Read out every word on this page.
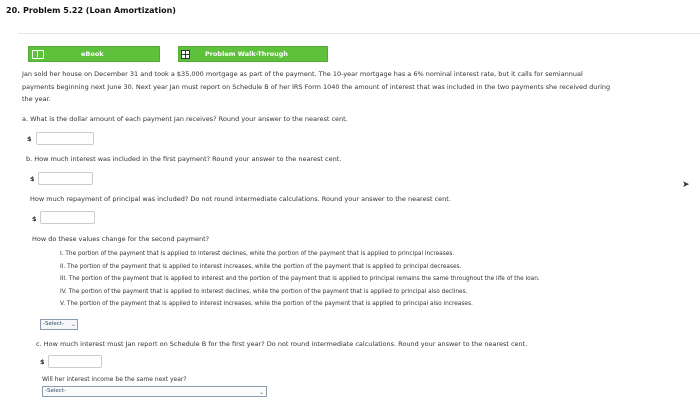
20. Problem 5.22 (Loan Amortization)
eBook	Problem Walk-Through
Jan sold her house on December 31 and took a $35,000 mortgage as part of the payment. The 10-year mortgage has a 6% nominal interest rate, but it calls for semiannual
payments beginning next June 30. Next year Jan must report on Schedule B of her IRS Form 1040 the amount of interest that was included in the two payments she received during
the year.
a. What is the dollar amount of each payment Jan receives? Round your answer to the nearest cent.
$
b. How much interest was included in the first payment? Round your answer to the nearest cent.
$
How much repayment of principal was included? Do not round intermediate calculations. Round your answer to the nearest cent.
$
How do these values change for the second payment?
I. The portion of the payment that is applied to interest declines, while the portion of the payment that is applied to principal increases.
II. The portion of the payment that is applied to interest increases, while the portion of the payment that is applied to principal decreases.
III. The portion of the payment that is applied to interest and the portion of the payment that is applied to principal remains the same throughout the life of the loan.
IV. The portion of the payment that is applied to interest declines, while the portion of the payment that is applied to principal also declines.
V. The portion of the payment that is applied to interest increases, while the portion of the payment that is applied to principal also increases.
-Select- ⌄
c. How much interest must Jan report on Schedule B for the first year? Do not round intermediate calculations. Round your answer to the nearest cent.
$
Will her interest income be the same next year?
-Select-	⌄
➤
